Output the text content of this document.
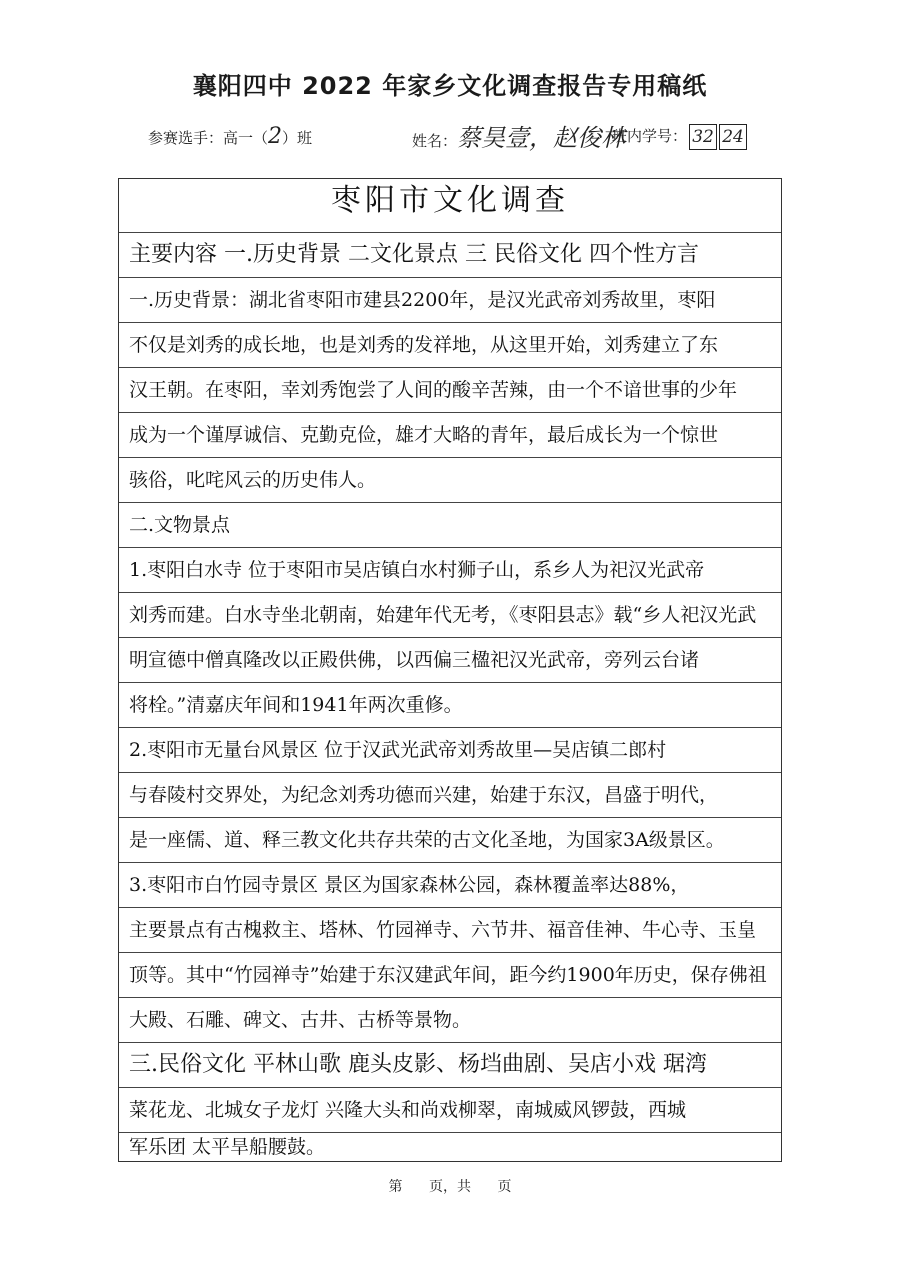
襄阳四中 2022 年家乡文化调查报告专用稿纸
参赛选手：高一（2）班	姓名：蔡昊壹，赵俊林
班内学号： 32 24
枣阳市文化调查
主要内容 一.历史背景 二文化景点 三 民俗文化 四个性方言
一.历史背景：湖北省枣阳市建县2200年，是汉光武帝刘秀故里，枣阳
不仅是刘秀的成长地，也是刘秀的发祥地，从这里开始，刘秀建立了东
汉王朝。在枣阳，幸刘秀饱尝了人间的酸辛苦辣，由一个不谙世事的少年
成为一个谨厚诚信、克勤克俭，雄才大略的青年，最后成长为一个惊世
骇俗，叱咤风云的历史伟人。
二.文物景点
1.枣阳白水寺 位于枣阳市吴店镇白水村狮子山，系乡人为祀汉光武帝
刘秀而建。白水寺坐北朝南，始建年代无考，《枣阳县志》载“乡人祀汉光武
明宣德中僧真隆改以正殿供佛，以西偏三楹祀汉光武帝，旁列云台诸
将栓。”清嘉庆年间和1941年两次重修。
2.枣阳市无量台风景区 位于汉武光武帝刘秀故里—吴店镇二郎村
与春陵村交界处，为纪念刘秀功德而兴建，始建于东汉，昌盛于明代，
是一座儒、道、释三教文化共存共荣的古文化圣地，为国家3A级景区。
3.枣阳市白竹园寺景区 景区为国家森林公园，森林覆盖率达88%，
主要景点有古槐救主、塔林、竹园禅寺、六节井、福音佳神、牛心寺、玉皇
顶等。其中“竹园禅寺”始建于东汉建武年间，距今约1900年历史，保存佛祖
大殿、石雕、碑文、古井、古桥等景物。
三.民俗文化 平林山歌 鹿头皮影、杨垱曲剧、吴店小戏 琚湾
菜花龙、北城女子龙灯 兴隆大头和尚戏柳翠，南城威风锣鼓，西城
军乐团 太平旱船腰鼓。
第 页，共 页
